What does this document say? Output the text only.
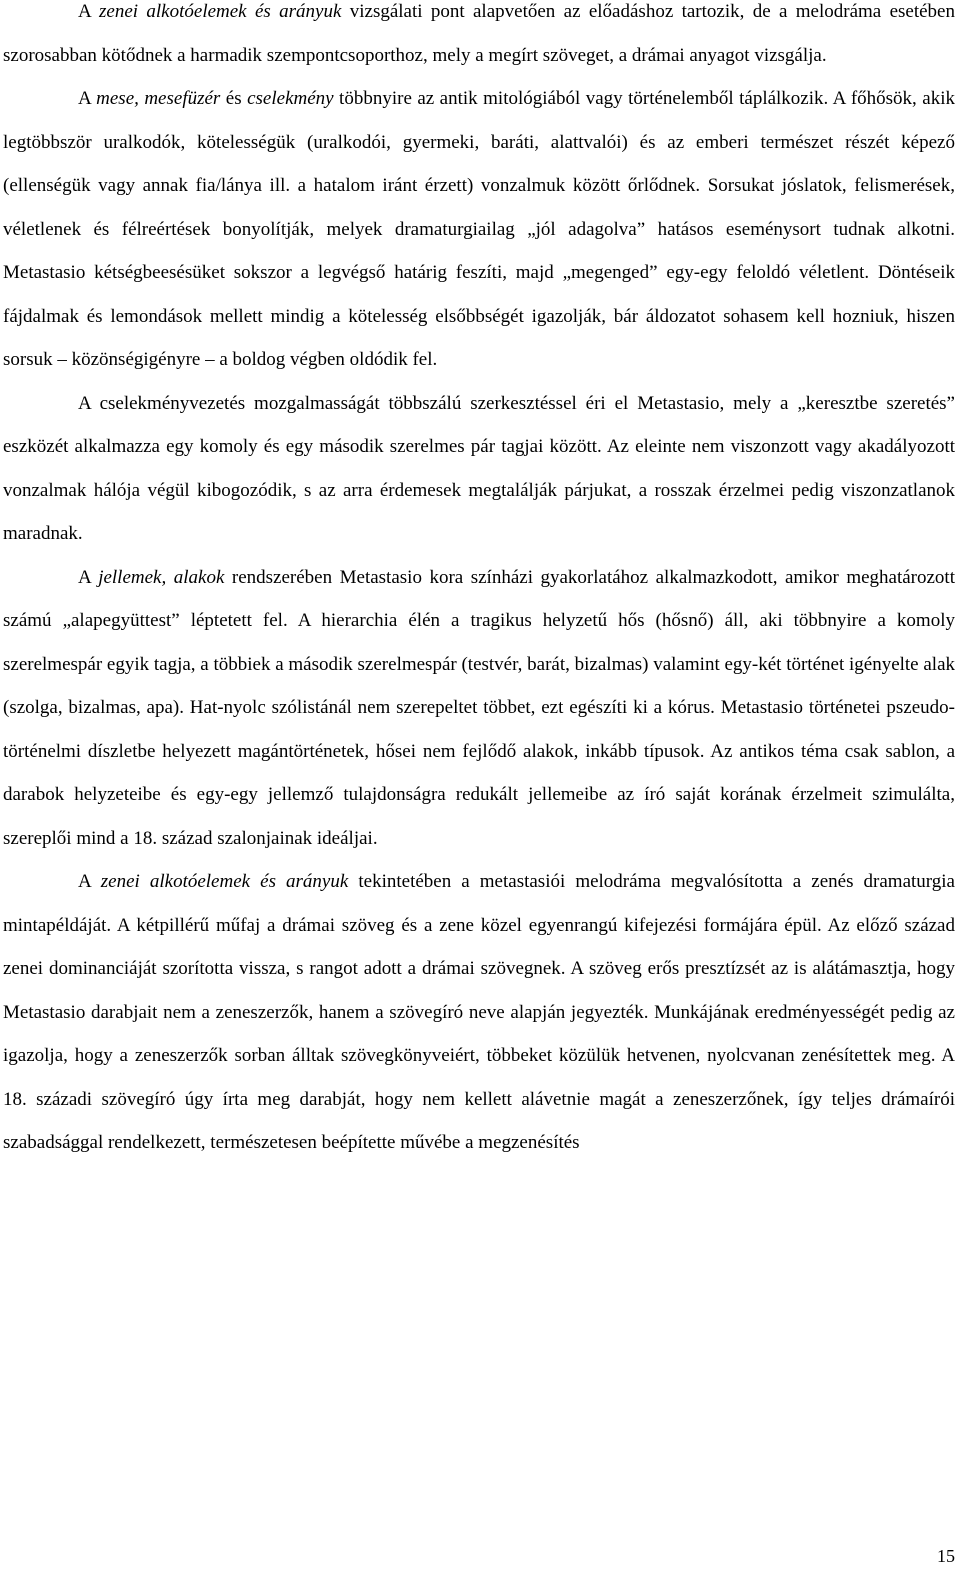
A zenei alkotóelemek és arányuk vizsgálati pont alapvetően az előadáshoz tartozik, de a melodráma esetében szorosabban kötődnek a harmadik szempontcsoporthoz, mely a megírt szöveget, a drámai anyagot vizsgálja.

A mese, mesefüzér és cselekmény többnyire az antik mitológiából vagy történelemből táplálkozik. A főhősök, akik legtöbbször uralkodók, kötelességük (uralkodói, gyermeki, baráti, alattvalói) és az emberi természet részét képező (ellenségük vagy annak fia/lánya ill. a hatalom iránt érzett) vonzalmuk között őrlődnek. Sorsukat jóslatok, felismerések, véletlenek és félreértések bonyolítják, melyek dramaturgiailag „jól adagolva” hatásos eseménysort tudnak alkotni. Metastasio kétségbeesésüket sokszor a legvégső határig feszíti, majd „megenged” egy-egy feloldó véletlent. Döntéseik fájdalmak és lemondások mellett mindig a kötelesség elsőbbségét igazolják, bár áldozatot sohasem kell hozniuk, hiszen sorsuk – közönségigényre – a boldog végben oldódik fel.

A cselekményvezetés mozgalmasságát többszálú szerkesztéssel éri el Metastasio, mely a „keresztbe szeretés” eszközét alkalmazza egy komoly és egy második szerelmes pár tagjai között. Az eleinte nem viszonzott vagy akadályozott vonzalmak hálója végül kibogozódik, s az arra érdemesek megtalálják párjukat, a rosszak érzelmei pedig viszonzatlanok maradnak.

A jellemek, alakok rendszerében Metastasio kora színházi gyakorlatához alkalmazkodott, amikor meghatározott számú „alapegyüttest” léptetett fel. A hierarchia élén a tragikus helyzetű hős (hősnő) áll, aki többnyire a komoly szerelmespár egyik tagja, a többiek a második szerelmespár (testvér, barát, bizalmas) valamint egy-két történet igényelte alak (szolga, bizalmas, apa). Hat-nyolc szólistánál nem szerepeltet többet, ezt egészíti ki a kórus. Metastasio történetei pszeudo-történelmi díszletbe helyezett magántörténetek, hősei nem fejlődő alakok, inkább típusok. Az antikos téma csak sablon, a darabok helyzeteibe és egy-egy jellemző tulajdonságra redukált jellemeibe az író saját korának érzelmeit szimulálta, szereplői mind a 18. század szalonjainak ideáljai.

A zenei alkotóelemek és arányuk tekintetében a metastasiói melodráma megvalósította a zenés dramaturgia mintapéldáját. A kétpillérű műfaj a drámai szöveg és a zene közel egyenrangú kifejezési formájára épül. Az előző század zenei dominanciáját szorította vissza, s rangot adott a drámai szövegnek. A szöveg erős presztízsét az is alátámasztja, hogy Metastasio darabjait nem a zeneszerzők, hanem a szövegíró neve alapján jegyezték. Munkájának eredményességét pedig az igazolja, hogy a zeneszerzők sorban álltak szövegkönyveiért, többeket közülük hetvenen, nyolcvanan zenésítettek meg. A 18. századi szövegíró úgy írta meg darabját, hogy nem kellett alávetnie magát a zeneszerzőnek, így teljes drámaírói szabadsággal rendelkezett, természetesen beépítette művébe a megzenésítés

15
